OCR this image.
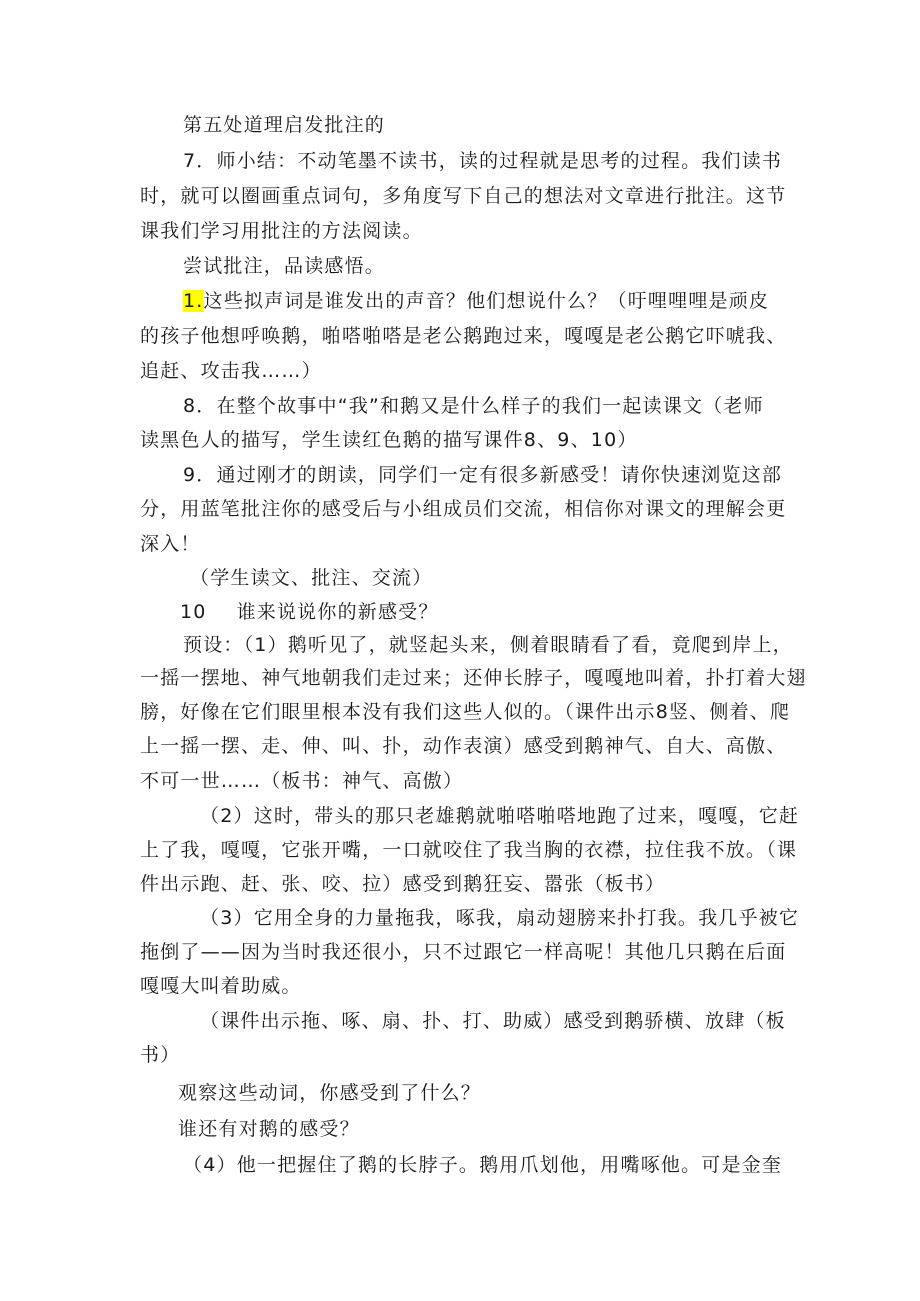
第五处道理启发批注的
7．师小结：不动笔墨不读书，读的过程就是思考的过程。我们读书
时，就可以圈画重点词句，多角度写下自己的想法对文章进行批注。这节
课我们学习用批注的方法阅读。
尝试批注，品读感悟。
1.这些拟声词是谁发出的声音？他们想说什么？（吁哩哩哩是顽皮
的孩子他想呼唤鹅，啪嗒啪嗒是老公鹅跑过来，嘎嘎是老公鹅它吓唬我、
追赶、攻击我……）
8．在整个故事中“我”和鹅又是什么样子的我们一起读课文（老师
读黑色人的描写，学生读红色鹅的描写课件8、9、10）
9．通过刚才的朗读，同学们一定有很多新感受！请你快速浏览这部
分，用蓝笔批注你的感受后与小组成员们交流，相信你对课文的理解会更
深入！
（学生读文、批注、交流）
10 谁来说说你的新感受？
预设：（1）鹅听见了，就竖起头来，侧着眼睛看了看，竟爬到岸上，
一摇一摆地、神气地朝我们走过来；还伸长脖子，嘎嘎地叫着，扑打着大翅
膀，好像在它们眼里根本没有我们这些人似的。（课件出示8竖、侧着、爬
上一摇一摆、走、伸、叫、扑，动作表演）感受到鹅神气、自大、高傲、
不可一世……（板书：神气、高傲）
（2）这时，带头的那只老雄鹅就啪嗒啪嗒地跑了过来，嘎嘎，它赶
上了我，嘎嘎，它张开嘴，一口就咬住了我当胸的衣襟，拉住我不放。（课
件出示跑、赶、张、咬、拉）感受到鹅狂妄、嚣张（板书）
（3）它用全身的力量拖我，啄我，扇动翅膀来扑打我。我几乎被它
拖倒了——因为当时我还很小，只不过跟它一样高呢！其他几只鹅在后面
嘎嘎大叫着助威。
（课件出示拖、啄、扇、扑、打、助威）感受到鹅骄横、放肆（板
书）
观察这些动词，你感受到了什么？
谁还有对鹅的感受？
（4）他一把握住了鹅的长脖子。鹅用爪划他，用嘴啄他。可是金奎
